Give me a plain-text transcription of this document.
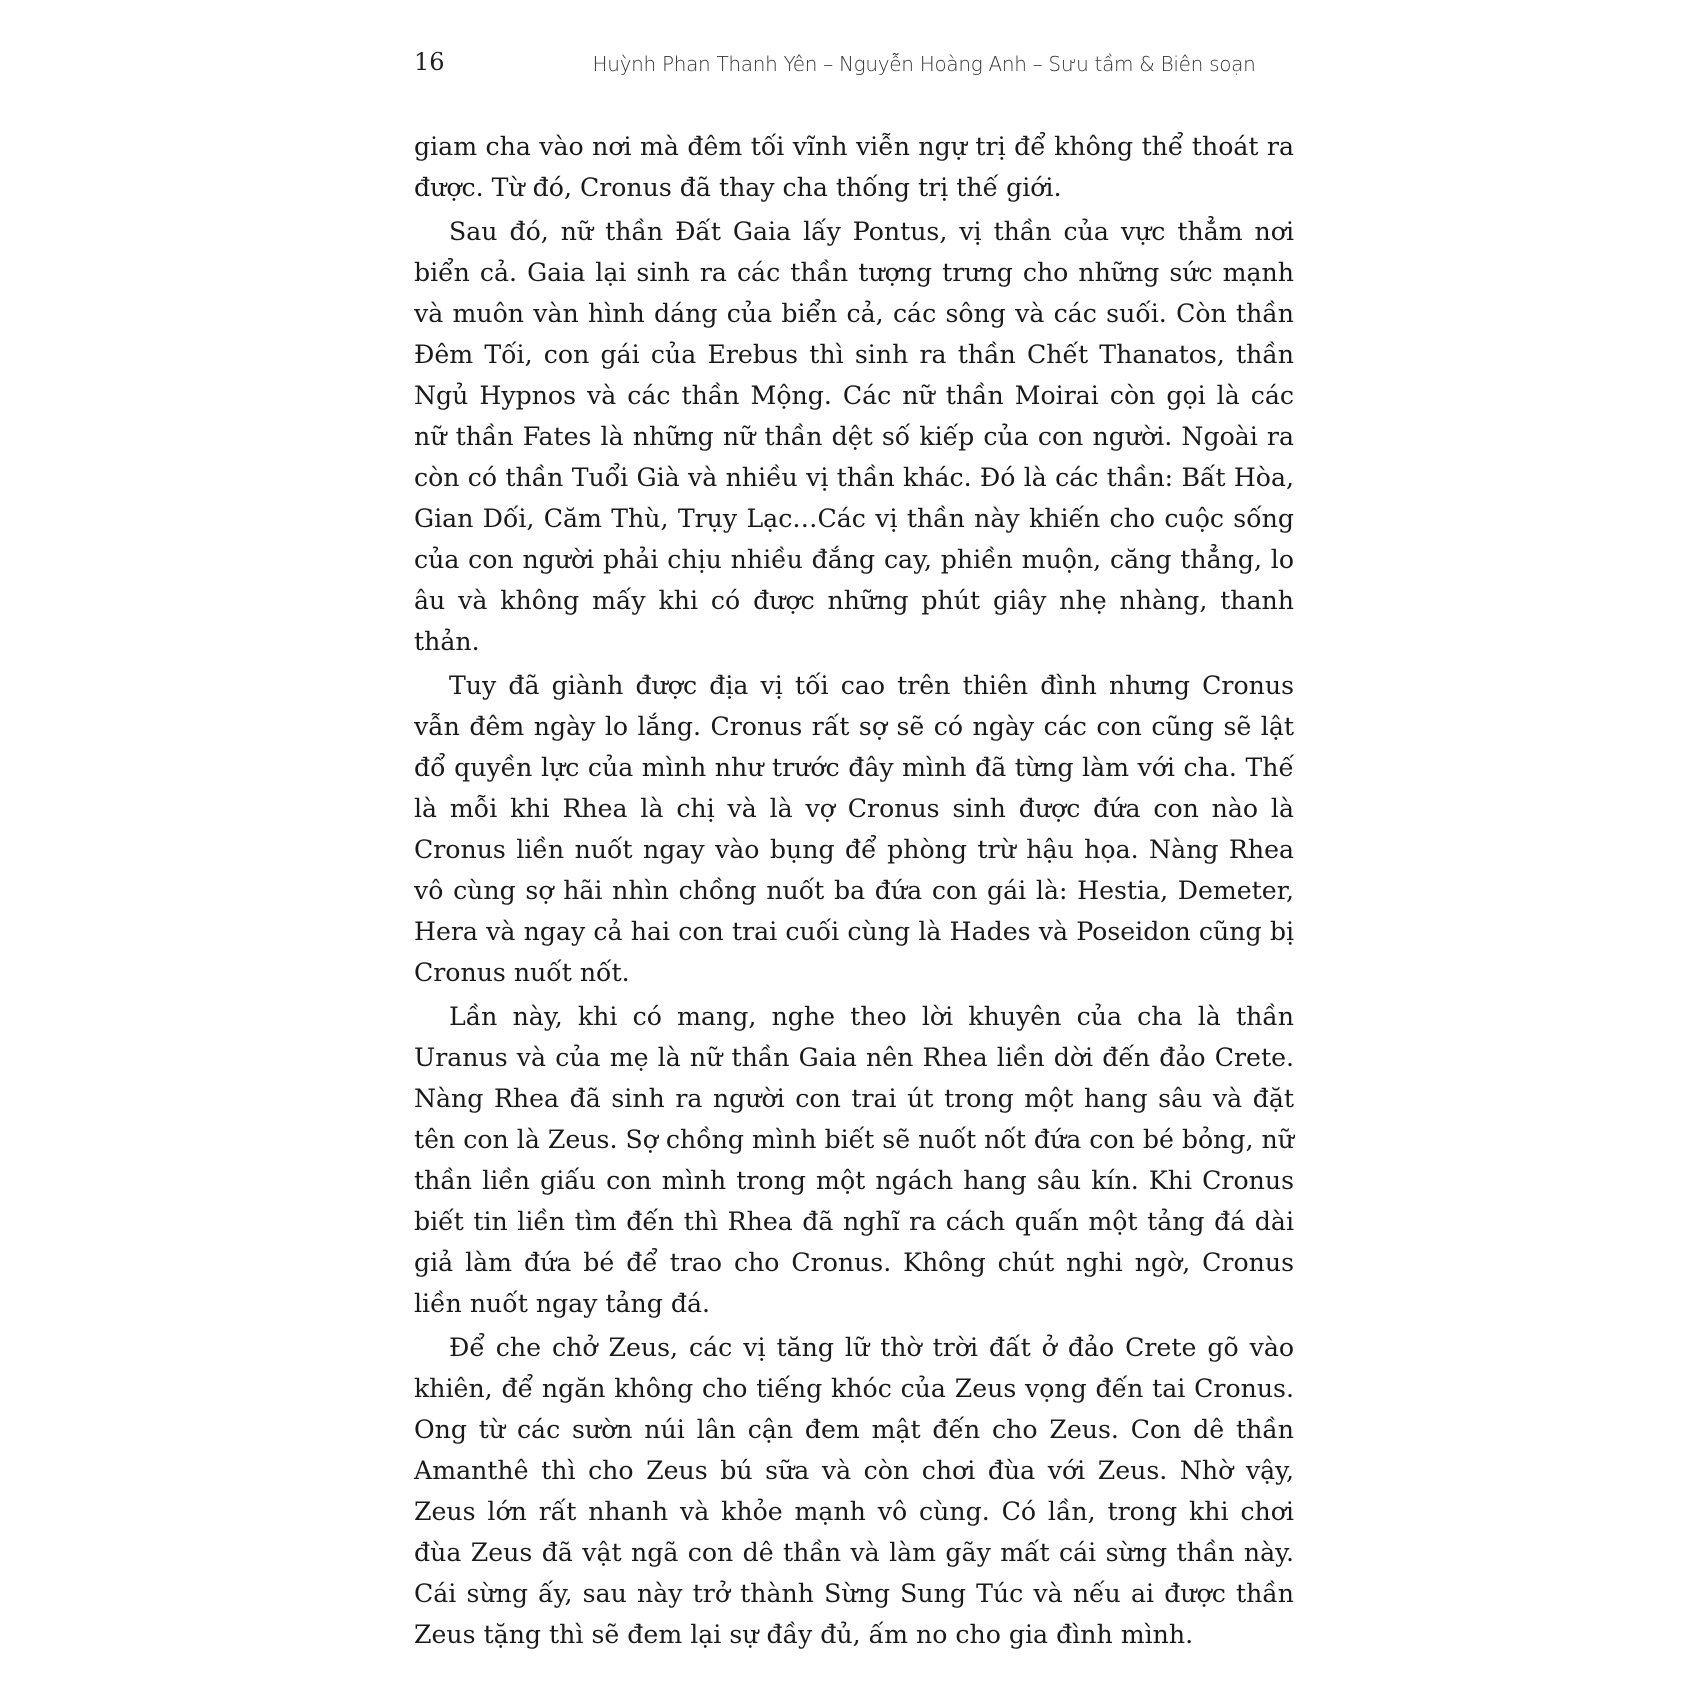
16	Huỳnh Phan Thanh Yên – Nguyễn Hoàng Anh – Sưu tầm & Biên soạn

giam cha vào nơi mà đêm tối vĩnh viễn ngự trị để không thể thoát ra được. Từ đó, Cronus đã thay cha thống trị thế giới.

Sau đó, nữ thần Đất Gaia lấy Pontus, vị thần của vực thẳm nơi biển cả. Gaia lại sinh ra các thần tượng trưng cho những sức mạnh và muôn vàn hình dáng của biển cả, các sông và các suối. Còn thần Đêm Tối, con gái của Erebus thì sinh ra thần Chết Thanatos, thần Ngủ Hypnos và các thần Mộng. Các nữ thần Moirai còn gọi là các nữ thần Fates là những nữ thần dệt số kiếp của con người. Ngoài ra còn có thần Tuổi Già và nhiều vị thần khác. Đó là các thần: Bất Hòa, Gian Dối, Căm Thù, Trụy Lạc…Các vị thần này khiến cho cuộc sống của con người phải chịu nhiều đắng cay, phiền muộn, căng thẳng, lo âu và không mấy khi có được những phút giây nhẹ nhàng, thanh thản.

Tuy đã giành được địa vị tối cao trên thiên đình nhưng Cronus vẫn đêm ngày lo lắng. Cronus rất sợ sẽ có ngày các con cũng sẽ lật đổ quyền lực của mình như trước đây mình đã từng làm với cha. Thế là mỗi khi Rhea là chị và là vợ Cronus sinh được đứa con nào là Cronus liền nuốt ngay vào bụng để phòng trừ hậu họa. Nàng Rhea vô cùng sợ hãi nhìn chồng nuốt ba đứa con gái là: Hestia, Demeter, Hera và ngay cả hai con trai cuối cùng là Hades và Poseidon cũng bị Cronus nuốt nốt.

Lần này, khi có mang, nghe theo lời khuyên của cha là thần Uranus và của mẹ là nữ thần Gaia nên Rhea liền dời đến đảo Crete. Nàng Rhea đã sinh ra người con trai út trong một hang sâu và đặt tên con là Zeus. Sợ chồng mình biết sẽ nuốt nốt đứa con bé bỏng, nữ thần liền giấu con mình trong một ngách hang sâu kín. Khi Cronus biết tin liền tìm đến thì Rhea đã nghĩ ra cách quấn một tảng đá dài giả làm đứa bé để trao cho Cronus. Không chút nghi ngờ, Cronus liền nuốt ngay tảng đá.

Để che chở Zeus, các vị tăng lữ thờ trời đất ở đảo Crete gõ vào khiên, để ngăn không cho tiếng khóc của Zeus vọng đến tai Cronus. Ong từ các sườn núi lân cận đem mật đến cho Zeus. Con dê thần Amanthê thì cho Zeus bú sữa và còn chơi đùa với Zeus. Nhờ vậy, Zeus lớn rất nhanh và khỏe mạnh vô cùng. Có lần, trong khi chơi đùa Zeus đã vật ngã con dê thần và làm gãy mất cái sừng thần này. Cái sừng ấy, sau này trở thành Sừng Sung Túc và nếu ai được thần Zeus tặng thì sẽ đem lại sự đầy đủ, ấm no cho gia đình mình.
